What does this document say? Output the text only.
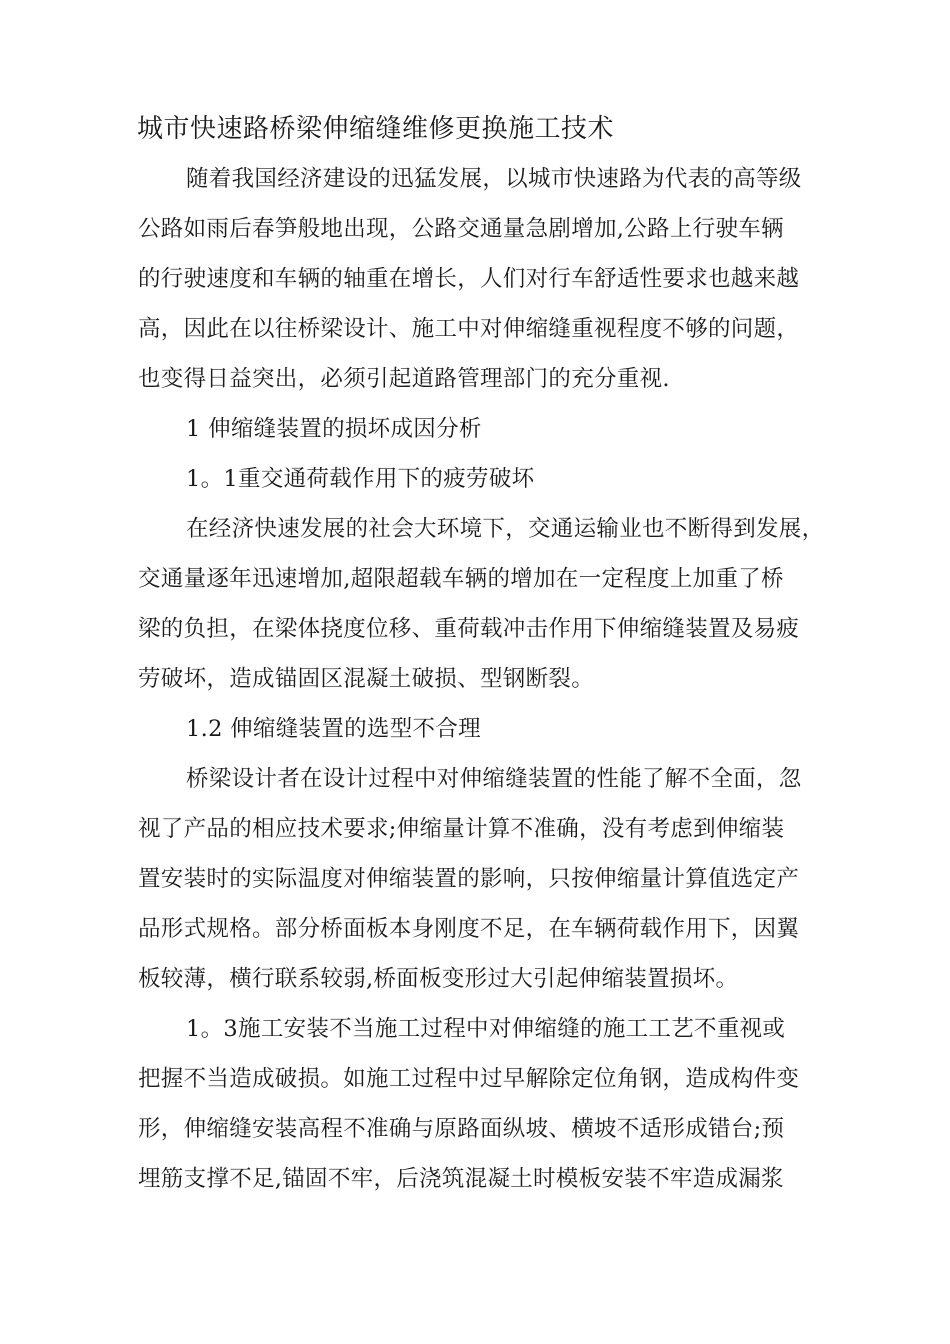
城市快速路桥梁伸缩缝维修更换施工技术
随着我国经济建设的迅猛发展，以城市快速路为代表的高等级
公路如雨后春笋般地出现，公路交通量急剧增加,公路上行驶车辆
的行驶速度和车辆的轴重在增长，人们对行车舒适性要求也越来越
高，因此在以往桥梁设计、施工中对伸缩缝重视程度不够的问题，
也变得日益突出，必须引起道路管理部门的充分重视.
1 伸缩缝装置的损坏成因分析
1。1重交通荷载作用下的疲劳破坏
在经济快速发展的社会大环境下，交通运输业也不断得到发展，
交通量逐年迅速增加,超限超载车辆的增加在一定程度上加重了桥
梁的负担，在梁体挠度位移、重荷载冲击作用下伸缩缝装置及易疲
劳破坏，造成锚固区混凝土破损、型钢断裂。
1.2 伸缩缝装置的选型不合理
桥梁设计者在设计过程中对伸缩缝装置的性能了解不全面，忽
视了产品的相应技术要求;伸缩量计算不准确，没有考虑到伸缩装
置安装时的实际温度对伸缩装置的影响，只按伸缩量计算值选定产
品形式规格。部分桥面板本身刚度不足，在车辆荷载作用下，因翼
板较薄，横行联系较弱,桥面板变形过大引起伸缩装置损坏。
1。3施工安装不当施工过程中对伸缩缝的施工工艺不重视或
把握不当造成破损。如施工过程中过早解除定位角钢，造成构件变
形，伸缩缝安装高程不准确与原路面纵坡、横坡不适形成错台;预
埋筋支撑不足,锚固不牢，后浇筑混凝土时模板安装不牢造成漏浆
